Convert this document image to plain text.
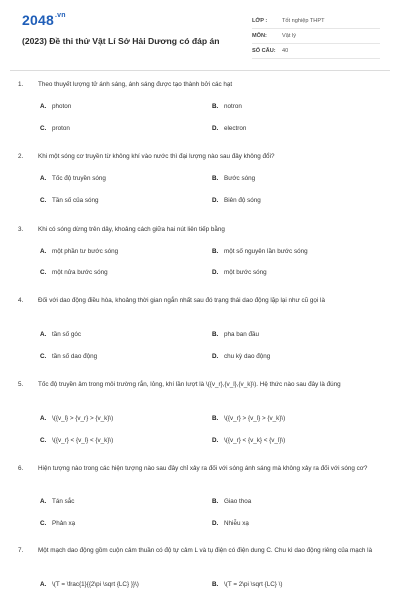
$2048^{.vn}$
(2023) Đề thi thử Vật Lí Sở Hải Dương có đáp án
LỚP :	Tốt nghiệp THPT
MÔN:	Vật lý
SỐ CÂU:	40
1.	Theo thuyết lượng tử ánh sáng, ánh sáng được tạo thành bởi các hạt
A. photon	B. notron
C. proton	D. electron
2.	Khi một sóng cơ truyền từ không khí vào nước thì đại lượng nào sau đây không đổi?
A. Tốc độ truyền sóng	B. Bước sóng
C. Tần số của sóng	D. Biên độ sóng
3.	Khi có sóng dừng trên dây, khoảng cách giữa hai nút liên tiếp bằng
A. một phần tư bước sóng	B. một số nguyên lần bước sóng
C. một nửa bước sóng	D. một bước sóng
4.	Đối với dao động điều hòa, khoảng thời gian ngắn nhất sau đó trạng thái dao động lặp lại như cũ gọi là
A. tần số góc	B. pha ban đầu
C. tần số dao động	D. chu kỳ dao động
5.	Tốc độ truyền âm trong môi trường rắn, lỏng, khí lần lượt là \({v_r},{v_l},{v_k}\). Hệ thức nào sau đây là đúng
A. \({v_l} > {v_r} > {v_k}\)	B. \({v_r} > {v_l} > {v_k}\)
C. \({v_r} < {v_l} < {v_k}\)	D. \({v_r} < {v_k} < {v_l}\)
6.	Hiện tượng nào trong các hiện tượng nào sau đây chỉ xảy ra đối với sóng ánh sáng mà không xảy ra đối với sóng cơ?
A. Tán sắc	B. Giao thoa
C. Phản xạ	D. Nhiễu xạ
7.	Một mạch dao động gồm cuộn cảm thuần có độ tự cảm L và tụ điện có điện dung C. Chu kì dao động riêng của mạch là
A. \(T = \frac{1}{{2\pi \sqrt {LC} }}\)	B. \(T = 2\pi \sqrt {LC} \)
